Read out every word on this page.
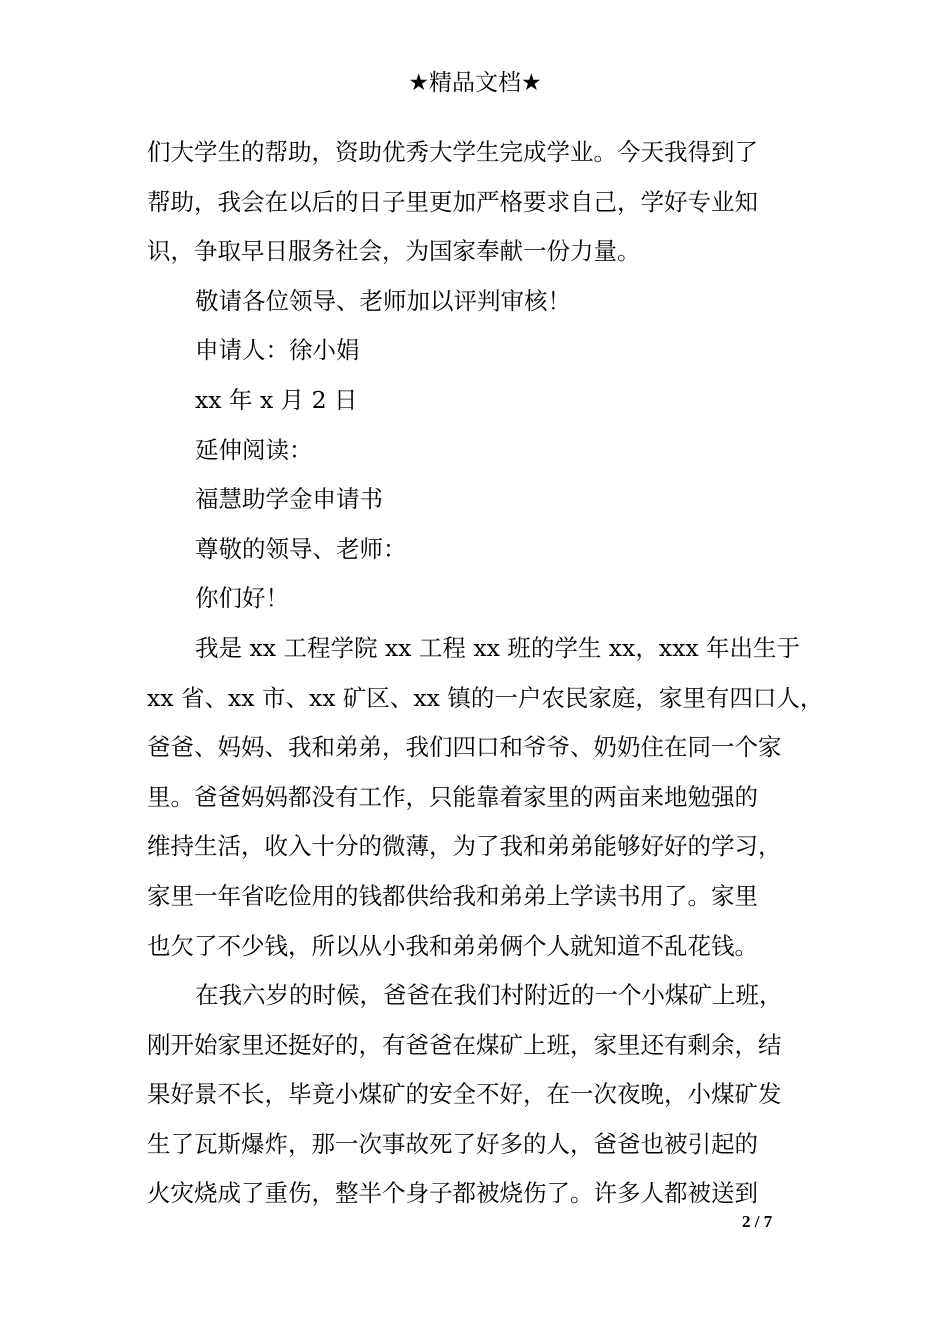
★精品文档★
们大学生的帮助，资助优秀大学生完成学业。今天我得到了
帮助，我会在以后的日子里更加严格要求自己，学好专业知
识，争取早日服务社会，为国家奉献一份力量。
敬请各位领导、老师加以评判审核！
申请人：徐小娟
xx 年 x 月 2 日
延伸阅读：
福慧助学金申请书
尊敬的领导、老师：
你们好！
我是 xx 工程学院 xx 工程 xx 班的学生 xx，xxx 年出生于
xx 省、xx 市、xx 矿区、xx 镇的一户农民家庭，家里有四口人，
爸爸、妈妈、我和弟弟，我们四口和爷爷、奶奶住在同一个家
里。爸爸妈妈都没有工作，只能靠着家里的两亩来地勉强的
维持生活，收入十分的微薄，为了我和弟弟能够好好的学习，
家里一年省吃俭用的钱都供给我和弟弟上学读书用了。家里
也欠了不少钱，所以从小我和弟弟俩个人就知道不乱花钱。
在我六岁的时候，爸爸在我们村附近的一个小煤矿上班，
刚开始家里还挺好的，有爸爸在煤矿上班，家里还有剩余，结
果好景不长，毕竟小煤矿的安全不好，在一次夜晚，小煤矿发
生了瓦斯爆炸，那一次事故死了好多的人，爸爸也被引起的
火灾烧成了重伤，整半个身子都被烧伤了。许多人都被送到
2 / 7
